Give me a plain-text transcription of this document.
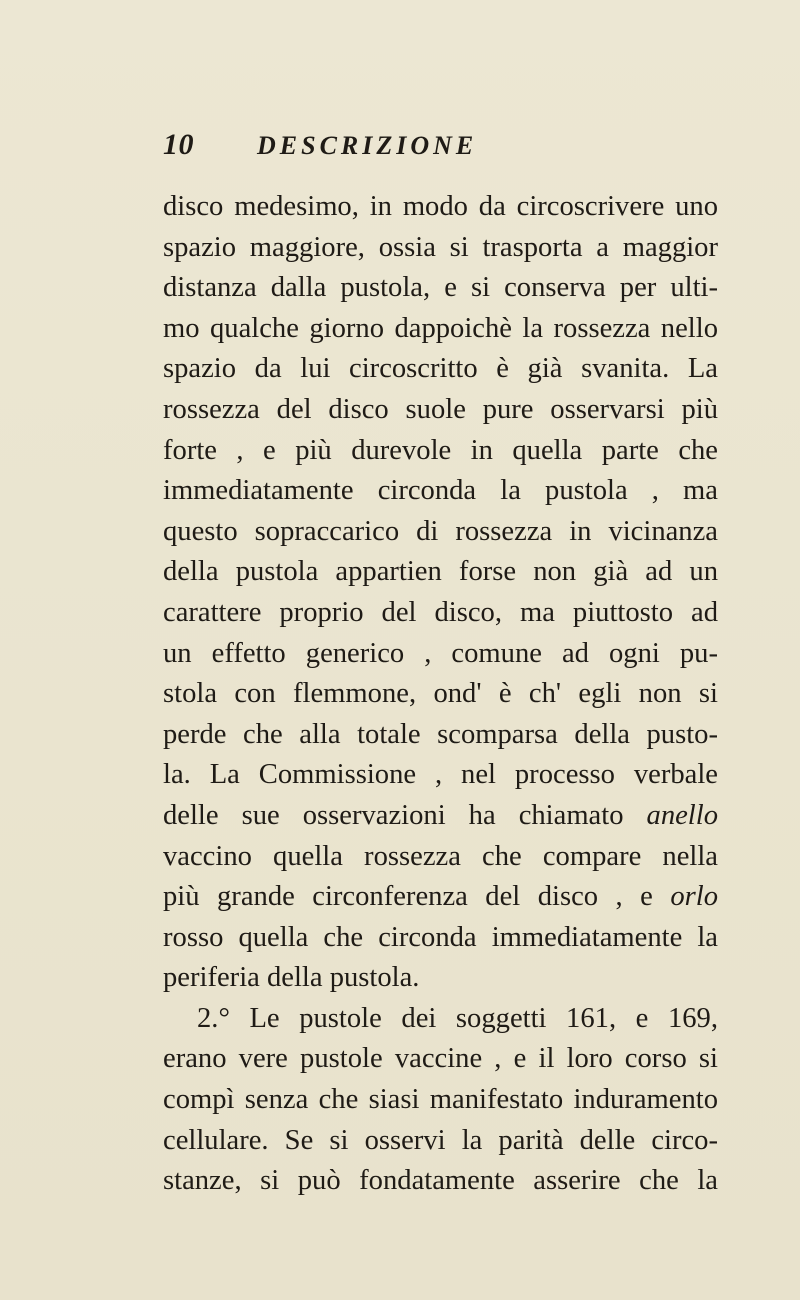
10 DESCRIZIONE
disco medesimo, in modo da circoscrivere uno
spazio maggiore, ossia si trasporta a maggior
distanza dalla pustola, e si conserva per ulti-
mo qualche giorno dappoichè la rossezza nello
spazio da lui circoscritto è già svanita. La
rossezza del disco suole pure osservarsi più
forte , e più durevole in quella parte che
immediatamente circonda la pustola , ma
questo sopraccarico di rossezza in vicinanza
della pustola appartien forse non già ad un
carattere proprio del disco, ma piuttosto ad
un effetto generico , comune ad ogni pu-
stola con flemmone, ond' è ch' egli non si
perde che alla totale scomparsa della pusto-
la. La Commissione , nel processo verbale
delle sue osservazioni ha chiamato anello
vaccino quella rossezza che compare nella
più grande circonferenza del disco , e orlo
rosso quella che circonda immediatamente la
periferia della pustola.
2.° Le pustole dei soggetti 161, e 169,
erano vere pustole vaccine , e il loro corso si
compì senza che siasi manifestato induramento
cellulare. Se si osservi la parità delle circo-
stanze, si può fondatamente asserire che la
